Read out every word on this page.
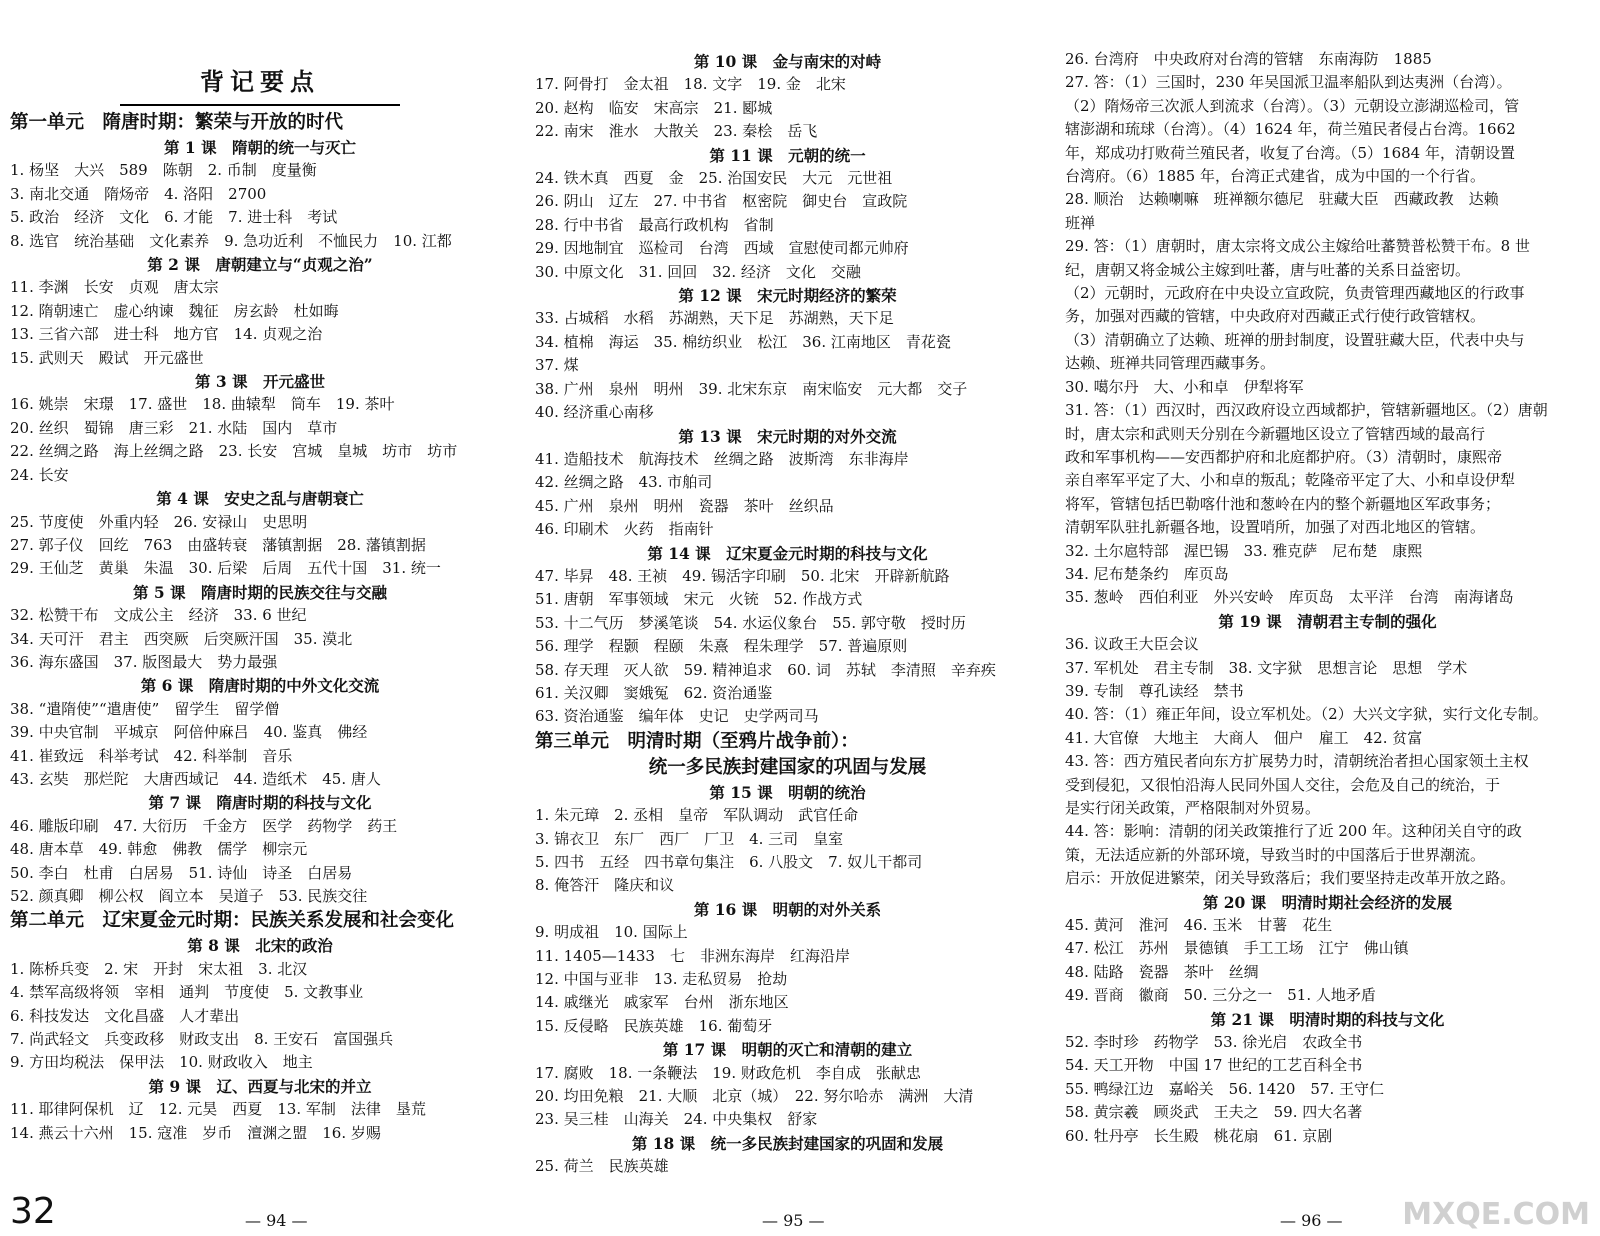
背记要点
第一单元　隋唐时期：繁荣与开放的时代
第 1 课　隋朝的统一与灭亡
1. 杨坚　大兴　589　陈朝　2. 币制　度量衡
3. 南北交通　隋炀帝　4. 洛阳　2700
5. 政治　经济　文化　6. 才能　7. 进士科　考试
8. 选官　统治基础　文化素养　9. 急功近利　不恤民力　10. 江都
第 2 课　唐朝建立与“贞观之治”
11. 李渊　长安　贞观　唐太宗
12. 隋朝速亡　虚心纳谏　魏征　房玄龄　杜如晦
13. 三省六部　进士科　地方官　14. 贞观之治
15. 武则天　殿试　开元盛世
第 3 课　开元盛世
16. 姚崇　宋璟　17. 盛世　18. 曲辕犁　筒车　19. 茶叶
20. 丝织　蜀锦　唐三彩　21. 水陆　国内　草市
22. 丝绸之路　海上丝绸之路　23. 长安　宫城　皇城　坊市　坊市
24. 长安
第 4 课　安史之乱与唐朝衰亡
25. 节度使　外重内轻　26. 安禄山　史思明
27. 郭子仪　回纥　763　由盛转衰　藩镇割据　28. 藩镇割据
29. 王仙芝　黄巢　朱温　30. 后梁　后周　五代十国　31. 统一
第 5 课　隋唐时期的民族交往与交融
32. 松赞干布　文成公主　经济　33. 6 世纪
34. 天可汗　君主　西突厥　后突厥汗国　35. 漠北
36. 海东盛国　37. 版图最大　势力最强
第 6 课　隋唐时期的中外文化交流
38. “遣隋使”“遣唐使”　留学生　留学僧
39. 中央官制　平城京　阿倍仲麻吕　40. 鉴真　佛经
41. 崔致远　科举考试　42. 科举制　音乐
43. 玄奘　那烂陀　大唐西域记　44. 造纸术　45. 唐人
第 7 课　隋唐时期的科技与文化
46. 雕版印刷　47. 大衍历　千金方　医学　药物学　药王
48. 唐本草　49. 韩愈　佛教　儒学　柳宗元
50. 李白　杜甫　白居易　51. 诗仙　诗圣　白居易
52. 颜真卿　柳公权　阎立本　吴道子　53. 民族交往
第二单元　辽宋夏金元时期：民族关系发展和社会变化
第 8 课　北宋的政治
1. 陈桥兵变　2. 宋　开封　宋太祖　3. 北汉
4. 禁军高级将领　宰相　通判　节度使　5. 文教事业
6. 科技发达　文化昌盛　人才辈出
7. 尚武轻文　兵变政移　财政支出　8. 王安石　富国强兵
9. 方田均税法　保甲法　10. 财政收入　地主
第 9 课　辽、西夏与北宋的并立
11. 耶律阿保机　辽　12. 元昊　西夏　13. 军制　法律　垦荒
14. 燕云十六州　15. 寇准　岁币　澶渊之盟　16. 岁赐
第 10 课　金与南宋的对峙
17. 阿骨打　金太祖　18. 文字　19. 金　北宋
20. 赵构　临安　宋高宗　21. 郾城
22. 南宋　淮水　大散关　23. 秦桧　岳飞
第 11 课　元朝的统一
24. 铁木真　西夏　金　25. 治国安民　大元　元世祖
26. 阴山　辽左　27. 中书省　枢密院　御史台　宣政院
28. 行中书省　最高行政机构　省制
29. 因地制宜　巡检司　台湾　西域　宣慰使司都元帅府
30. 中原文化　31. 回回　32. 经济　文化　交融
第 12 课　宋元时期经济的繁荣
33. 占城稻　水稻　苏湖熟，天下足　苏湖熟，天下足
34. 植棉　海运　35. 棉纺织业　松江　36. 江南地区　青花瓷
37. 煤
38. 广州　泉州　明州　39. 北宋东京　南宋临安　元大都　交子
40. 经济重心南移
第 13 课　宋元时期的对外交流
41. 造船技术　航海技术　丝绸之路　波斯湾　东非海岸
42. 丝绸之路　43. 市舶司
45. 广州　泉州　明州　瓷器　茶叶　丝织品
46. 印刷术　火药　指南针
第 14 课　辽宋夏金元时期的科技与文化
47. 毕昇　48. 王祯　49. 锡活字印刷　50. 北宋　开辟新航路
51. 唐朝　军事领域　宋元　火铳　52. 作战方式
53. 十二气历　梦溪笔谈　54. 水运仪象台　55. 郭守敬　授时历
56. 理学　程颢　程颐　朱熹　程朱理学　57. 普遍原则
58. 存天理　灭人欲　59. 精神追求　60. 词　苏轼　李清照　辛弃疾
61. 关汉卿　窦娥冤　62. 资治通鉴
63. 资治通鉴　编年体　史记　史学两司马
第三单元　明清时期（至鸦片战争前）：
统一多民族封建国家的巩固与发展
第 15 课　明朝的统治
1. 朱元璋　2. 丞相　皇帝　军队调动　武官任命
3. 锦衣卫　东厂　西厂　厂卫　4. 三司　皇室
5. 四书　五经　四书章句集注　6. 八股文　7. 奴儿干都司
8. 俺答汗　隆庆和议
第 16 课　明朝的对外关系
9. 明成祖　10. 国际上
11. 1405—1433　七　非洲东海岸　红海沿岸
12. 中国与亚非　13. 走私贸易　抢劫
14. 戚继光　戚家军　台州　浙东地区
15. 反侵略　民族英雄　16. 葡萄牙
第 17 课　明朝的灭亡和清朝的建立
17. 腐败　18. 一条鞭法　19. 财政危机　李自成　张献忠
20. 均田免粮　21. 大顺　北京（城）　22. 努尔哈赤　满洲　大清
23. 吴三桂　山海关　24. 中央集权　舒家
第 18 课　统一多民族封建国家的巩固和发展
25. 荷兰　民族英雄
26. 台湾府　中央政府对台湾的管辖　东南海防　1885
27. 答：（1）三国时，230 年吴国派卫温率船队到达夷洲（台湾）。
（2）隋炀帝三次派人到流求（台湾）。（3）元朝设立澎湖巡检司，管
辖澎湖和琉球（台湾）。（4）1624 年，荷兰殖民者侵占台湾。1662
年，郑成功打败荷兰殖民者，收复了台湾。（5）1684 年，清朝设置
台湾府。（6）1885 年，台湾正式建省，成为中国的一个行省。
28. 顺治　达赖喇嘛　班禅额尔德尼　驻藏大臣　西藏政教　达赖
班禅
29. 答：（1）唐朝时，唐太宗将文成公主嫁给吐蕃赞普松赞干布。8 世
纪，唐朝又将金城公主嫁到吐蕃，唐与吐蕃的关系日益密切。
（2）元朝时，元政府在中央设立宣政院，负责管理西藏地区的行政事
务，加强对西藏的管辖，中央政府对西藏正式行使行政管辖权。
（3）清朝确立了达赖、班禅的册封制度，设置驻藏大臣，代表中央与
达赖、班禅共同管理西藏事务。
30. 噶尔丹　大、小和卓　伊犁将军
31. 答：（1）西汉时，西汉政府设立西域都护，管辖新疆地区。（2）唐朝
时，唐太宗和武则天分别在今新疆地区设立了管辖西域的最高行
政和军事机构——安西都护府和北庭都护府。（3）清朝时，康熙帝
亲自率军平定了大、小和卓的叛乱；乾隆帝平定了大、小和卓设伊犁
将军，管辖包括巴勒喀什池和葱岭在内的整个新疆地区军政事务；
清朝军队驻扎新疆各地，设置哨所，加强了对西北地区的管辖。
32. 土尔扈特部　渥巴锡　33. 雅克萨　尼布楚　康熙
34. 尼布楚条约　库页岛
35. 葱岭　西伯利亚　外兴安岭　库页岛　太平洋　台湾　南海诸岛
第 19 课　清朝君主专制的强化
36. 议政王大臣会议
37. 军机处　君主专制　38. 文字狱　思想言论　思想　学术
39. 专制　尊孔读经　禁书
40. 答：（1）雍正年间，设立军机处。（2）大兴文字狱，实行文化专制。
41. 大官僚　大地主　大商人　佃户　雇工　42. 贫富
43. 答：西方殖民者向东方扩展势力时，清朝统治者担心国家领土主权
受到侵犯，又很怕沿海人民同外国人交往，会危及自己的统治，于
是实行闭关政策，严格限制对外贸易。
44. 答：影响：清朝的闭关政策推行了近 200 年。这种闭关自守的政
策，无法适应新的外部环境，导致当时的中国落后于世界潮流。
启示：开放促进繁荣，闭关导致落后；我们要坚持走改革开放之路。
第 20 课　明清时期社会经济的发展
45. 黄河　淮河　46. 玉米　甘薯　花生
47. 松江　苏州　景德镇　手工工场　江宁　佛山镇
48. 陆路　瓷器　茶叶　丝绸
49. 晋商　徽商　50. 三分之一　51. 人地矛盾
第 21 课　明清时期的科技与文化
52. 李时珍　药物学　53. 徐光启　农政全书
54. 天工开物　中国 17 世纪的工艺百科全书
55. 鸭绿江边　嘉峪关　56. 1420　57. 王守仁
58. 黄宗羲　顾炎武　王夫之　59. 四大名著
60. 牡丹亭　长生殿　桃花扇　61. 京剧
32	— 94 —	— 95 —	— 96 — MXQE.COM
